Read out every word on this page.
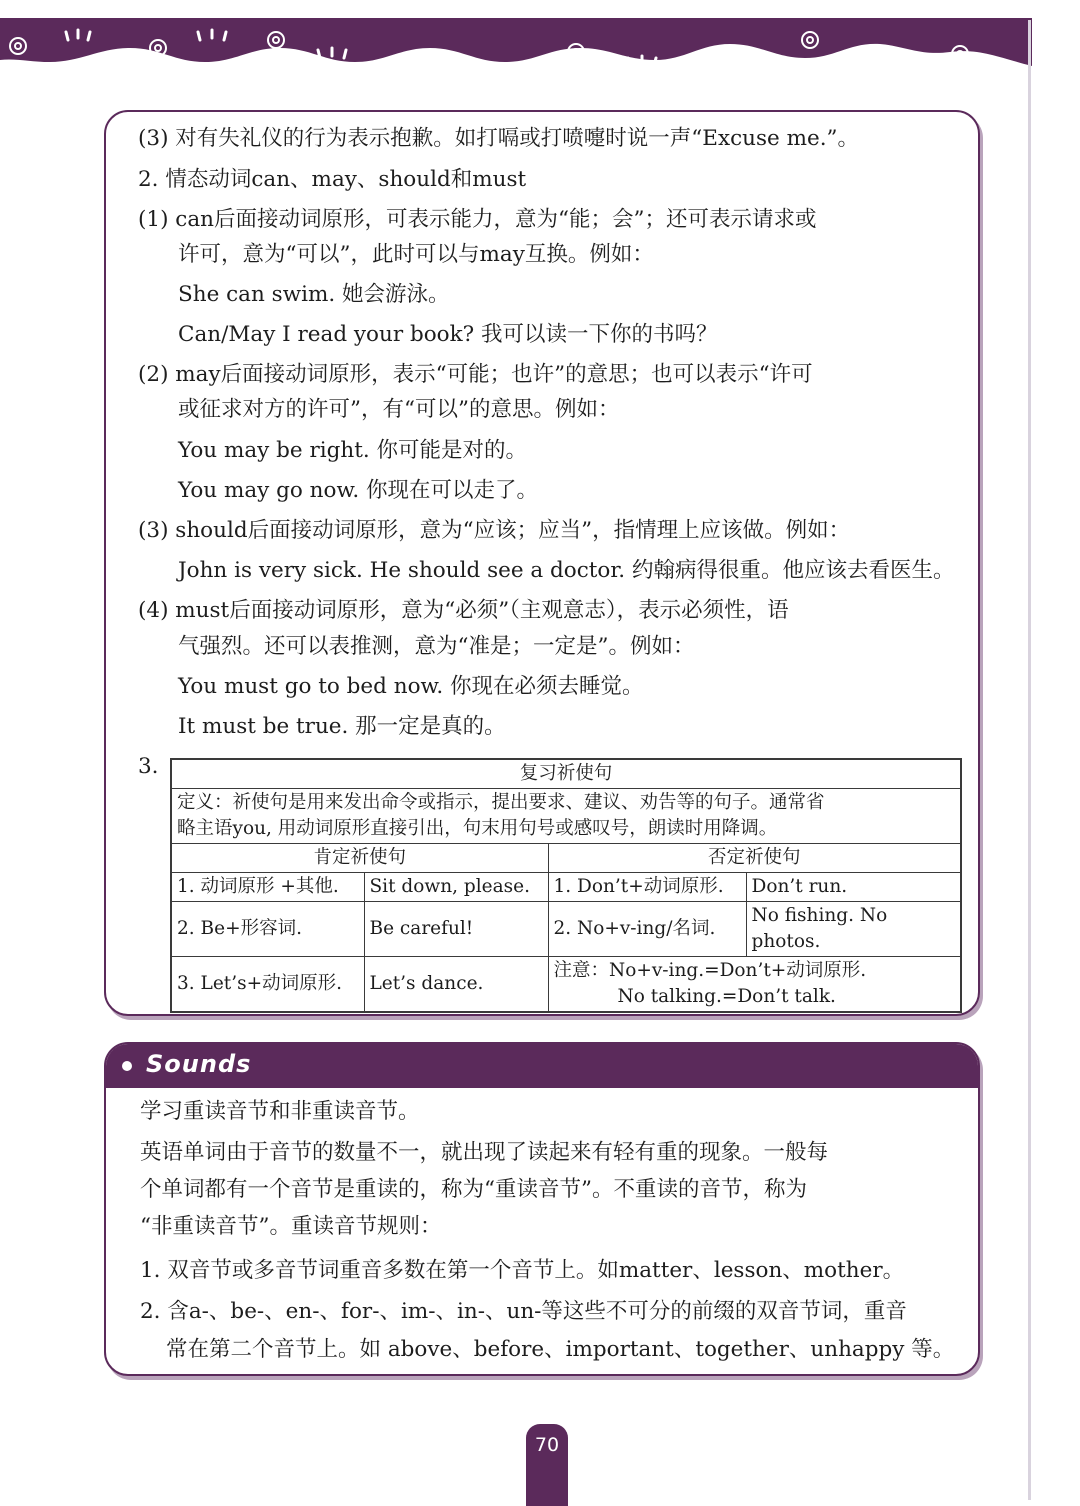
(3) 对有失礼仪的行为表示抱歉。如打嗝或打喷嚏时说一声“Excuse me.”。
2. 情态动词can、may、should和must
(1) can后面接动词原形，可表示能力，意为“能；会”；还可表示请求或
许可，意为“可以”，此时可以与may互换。例如：
She can swim. 她会游泳。
Can/May I read your book? 我可以读一下你的书吗？
(2) may后面接动词原形，表示“可能；也许”的意思；也可以表示“许可
或征求对方的许可”，有“可以”的意思。例如：
You may be right. 你可能是对的。
You may go now. 你现在可以走了。
(3) should后面接动词原形，意为“应该；应当”，指情理上应该做。例如：
John is very sick. He should see a doctor. 约翰病得很重。他应该去看医生。
(4) must后面接动词原形，意为“必须”（主观意志），表示必须性，语
气强烈。还可以表推测，意为“准是；一定是”。例如：
You must go to bed now. 你现在必须去睡觉。
It must be true. 那一定是真的。
3.	复习祈使句			

定义：祈使句是用来发出命令或指示，提出要求、建议、劝告等的句子。通常省
略主语you, 用动词原形直接引出，句末用句号或感叹号，朗读时用降调。			

肯定祈使句		否定祈使句	
1. 动词原形 +其他.	Sit down, please.	1. Don’t+动词原形.	Don’t run.
2. Be+形容词.	Be careful!	2. No+v-ing/名词.	No fishing. No photos.
3. Let’s+动词原形.	Let’s dance.	注意：No+v-ing.=Don’t+动词原形.
No talking.=Don’t talk.	
Sounds
学习重读音节和非重读音节。
英语单词由于音节的数量不一，就出现了读起来有轻有重的现象。一般每
个单词都有一个音节是重读的，称为“重读音节”。不重读的音节，称为
“非重读音节”。重读音节规则：
1. 双音节或多音节词重音多数在第一个音节上。如matter、lesson、mother。
2. 含a-、be-、en-、for-、im-、in-、un-等这些不可分的前缀的双音节词，重音
常在第二个音节上。如 above、before、important、together、unhappy 等。
70
